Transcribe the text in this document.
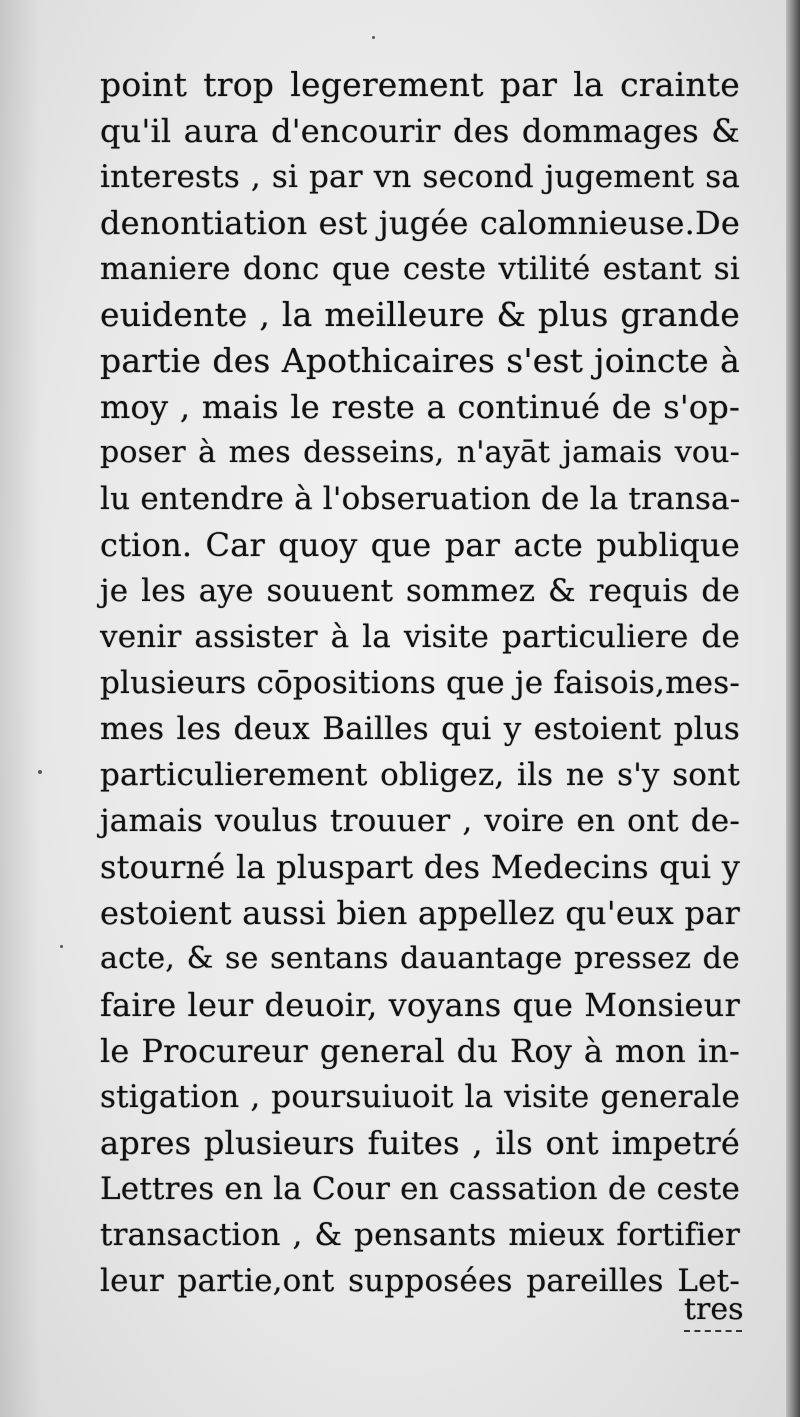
point trop legerement par la crainte
qu'il aura d'encourir des dommages &
interests , si par vn second jugement sa
denontiation est jugée calomnieuse.De
maniere donc que ceste vtilité estant si
euidente , la meilleure & plus grande
partie des Apothicaires s'est joincte à
moy , mais le reste a continué de s'op-
poser à mes desseins, n'ayāt jamais vou-
lu entendre à l'obseruation de la transa-
ction. Car quoy que par acte publique
je les aye souuent sommez & requis de
venir assister à la visite particuliere de
plusieurs cōpositions que je faisois,mes-
mes les deux Bailles qui y estoient plus
particulierement obligez, ils ne s'y sont
jamais voulus trouuer , voire en ont de-
stourné la pluspart des Medecins qui y
estoient aussi bien appellez qu'eux par
acte, & se sentans dauantage pressez de
faire leur deuoir, voyans que Monsieur
le Procureur general du Roy à mon in-
stigation , poursuiuoit la visite generale
apres plusieurs fuites , ils ont impetré
Lettres en la Cour en cassation de ceste
transaction , & pensants mieux fortifier
leur partie,ont supposées pareilles Let-
tres
